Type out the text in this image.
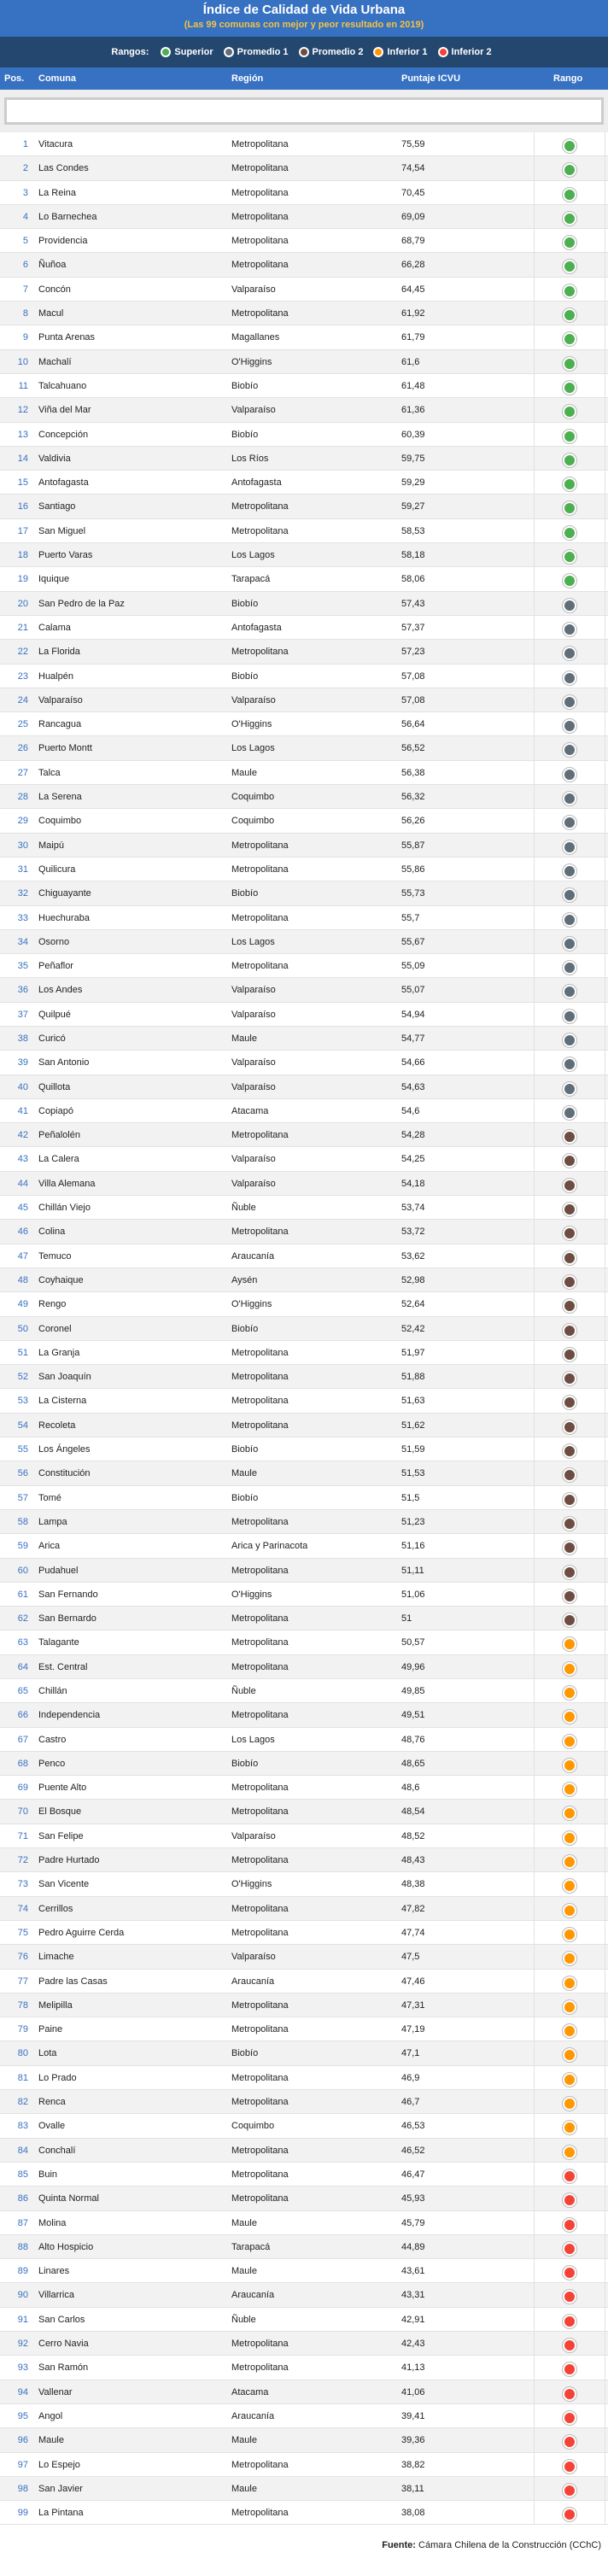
Índice de Calidad de Vida Urbana
(Las 99 comunas con mejor y peor resultado en 2019)
Rangos:	Superior	Promedio 1	Promedio 2	Inferior 1	Inferior 2
Pos. Comuna	Región	Puntaje ICVU	Rango
1 Vitacura	Metropolitana	75,59
2 Las Condes	Metropolitana	74,54
3 La Reina	Metropolitana	70,45
4 Lo Barnechea	Metropolitana	69,09
5 Providencia	Metropolitana	68,79
6 Ñuñoa	Metropolitana	66,28
7 Concón	Valparaíso	64,45
8 Macul	Metropolitana	61,92
9 Punta Arenas	Magallanes	61,79
10 Machalí	O'Higgins	61,6
11 Talcahuano	Biobío	61,48
12 Viña del Mar	Valparaíso	61,36
13 Concepción	Biobío	60,39
14 Valdivia	Los Ríos	59,75
15 Antofagasta	Antofagasta	59,29
16 Santiago	Metropolitana	59,27
17 San Miguel	Metropolitana	58,53
18 Puerto Varas	Los Lagos	58,18
19 Iquique	Tarapacá	58,06
20 San Pedro de la Paz	Biobío	57,43
21 Calama	Antofagasta	57,37
22 La Florida	Metropolitana	57,23
23 Hualpén	Biobío	57,08
24 Valparaíso	Valparaíso	57,08
25 Rancagua	O'Higgins	56,64
26 Puerto Montt	Los Lagos	56,52
27 Talca	Maule	56,38
28 La Serena	Coquimbo	56,32
29 Coquimbo	Coquimbo	56,26
30 Maipú	Metropolitana	55,87
31 Quilicura	Metropolitana	55,86
32 Chiguayante	Biobío	55,73
33 Huechuraba	Metropolitana	55,7
34 Osorno	Los Lagos	55,67
35 Peñaflor	Metropolitana	55,09
36 Los Andes	Valparaíso	55,07
37 Quilpué	Valparaíso	54,94
38 Curicó	Maule	54,77
39 San Antonio	Valparaíso	54,66
40 Quillota	Valparaíso	54,63
41 Copiapó	Atacama	54,6
42 Peñalolén	Metropolitana	54,28
43 La Calera	Valparaíso	54,25
44 Villa Alemana	Valparaíso	54,18
45 Chillán Viejo	Ñuble	53,74
46 Colina	Metropolitana	53,72
47 Temuco	Araucanía	53,62
48 Coyhaique	Aysén	52,98
49 Rengo	O'Higgins	52,64
50 Coronel	Biobío	52,42
51 La Granja	Metropolitana	51,97
52 San Joaquín	Metropolitana	51,88
53 La Cisterna	Metropolitana	51,63
54 Recoleta	Metropolitana	51,62
55 Los Ángeles	Biobío	51,59
56 Constitución	Maule	51,53
57 Tomé	Biobío	51,5
58 Lampa	Metropolitana	51,23
59 Arica	Arica y Parinacota	51,16
60 Pudahuel	Metropolitana	51,11
61 San Fernando	O'Higgins	51,06
62 San Bernardo	Metropolitana	51
63 Talagante	Metropolitana	50,57
64 Est. Central	Metropolitana	49,96
65 Chillán	Ñuble	49,85
66 Independencia	Metropolitana	49,51
67 Castro	Los Lagos	48,76
68 Penco	Biobío	48,65
69 Puente Alto	Metropolitana	48,6
70 El Bosque	Metropolitana	48,54
71 San Felipe	Valparaíso	48,52
72 Padre Hurtado	Metropolitana	48,43
73 San Vicente	O'Higgins	48,38
74 Cerrillos	Metropolitana	47,82
75 Pedro Aguirre Cerda	Metropolitana	47,74
76 Limache	Valparaíso	47,5
77 Padre las Casas	Araucanía	47,46
78 Melipilla	Metropolitana	47,31
79 Paine	Metropolitana	47,19
80 Lota	Biobío	47,1
81 Lo Prado	Metropolitana	46,9
82 Renca	Metropolitana	46,7
83 Ovalle	Coquimbo	46,53
84 Conchalí	Metropolitana	46,52
85 Buin	Metropolitana	46,47
86 Quinta Normal	Metropolitana	45,93
87 Molina	Maule	45,79
88 Alto Hospicio	Tarapacá	44,89
89 Linares	Maule	43,61
90 Villarrica	Araucanía	43,31
91 San Carlos	Ñuble	42,91
92 Cerro Navia	Metropolitana	42,43
93 San Ramón	Metropolitana	41,13
94 Vallenar	Atacama	41,06
95 Angol	Araucanía	39,41
96 Maule	Maule	39,36
97 Lo Espejo	Metropolitana	38,82
98 San Javier	Maule	38,11
99 La Pintana	Metropolitana	38,08
Fuente: Cámara Chilena de la Construcción (CChC)
